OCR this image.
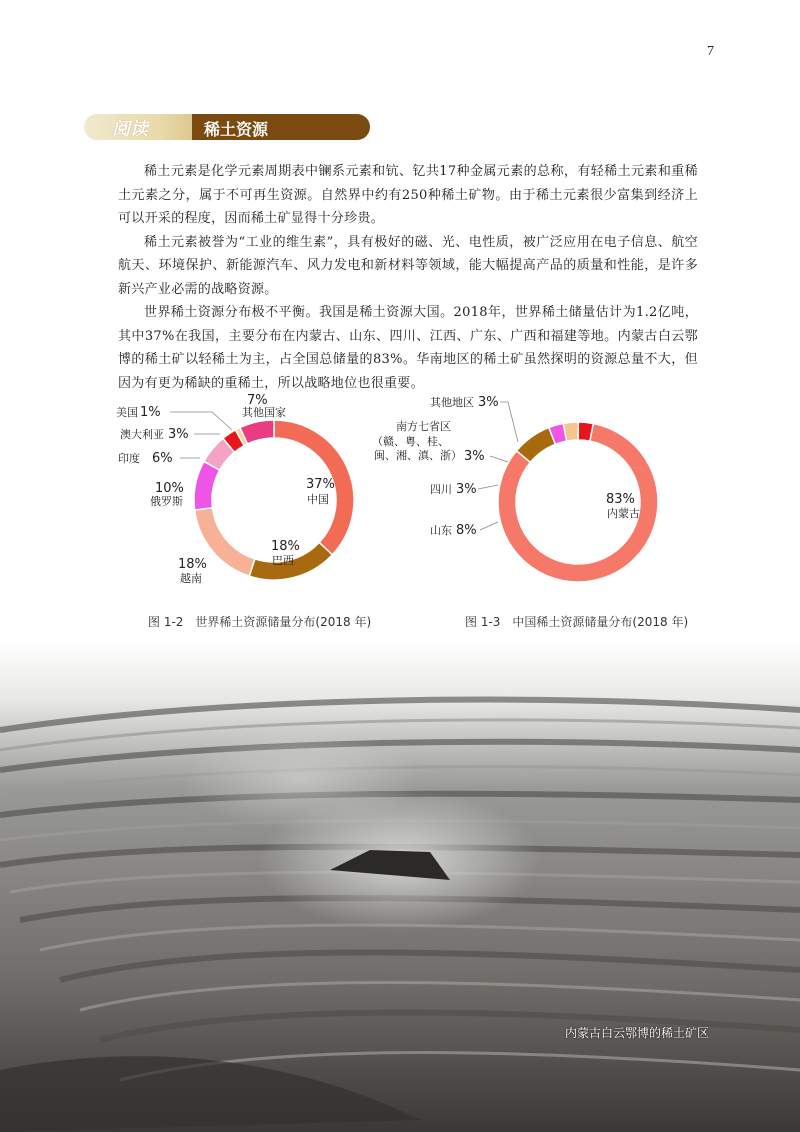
7
阅读	稀土资源

稀土元素是化学元素周期表中镧系元素和钪、钇共17种金属元素的总称，有轻稀土元素和重稀土元素之分，属于不可再生资源。自然界中约有250种稀土矿物。由于稀土元素很少富集到经济上可以开采的程度，因而稀土矿显得十分珍贵。

稀土元素被誉为“工业的维生素”，具有极好的磁、光、电性质，被广泛应用在电子信息、航空航天、环境保护、新能源汽车、风力发电和新材料等领域，能大幅提高产品的质量和性能，是许多新兴产业必需的战略资源。

世界稀土资源分布极不平衡。我国是稀土资源大国。2018年，世界稀土储量估计为1.2亿吨，其中37%在我国，主要分布在内蒙古、山东、四川、江西、广东、广西和福建等地。内蒙古白云鄂博的稀土矿以轻稀土为主，占全国总储量的83%。华南地区的稀土矿虽然探明的资源总量不大，但因为有更为稀缺的重稀土，所以战略地位也很重要。

37%
中国
18%
巴西
18%
越南
10%
俄罗斯
印度 6%
澳大利亚 3%
美国 1%
7%
其他国家
83%
内蒙古
山东 8%
四川 3%
南方七省区
（赣、粤、桂、
闽、湘、滇、浙） 3%
其他地区 3%
图 1-2　世界稀土资源储量分布(2018 年)	图 1-3　中国稀土资源储量分布(2018 年)
内蒙古白云鄂博的稀土矿区
